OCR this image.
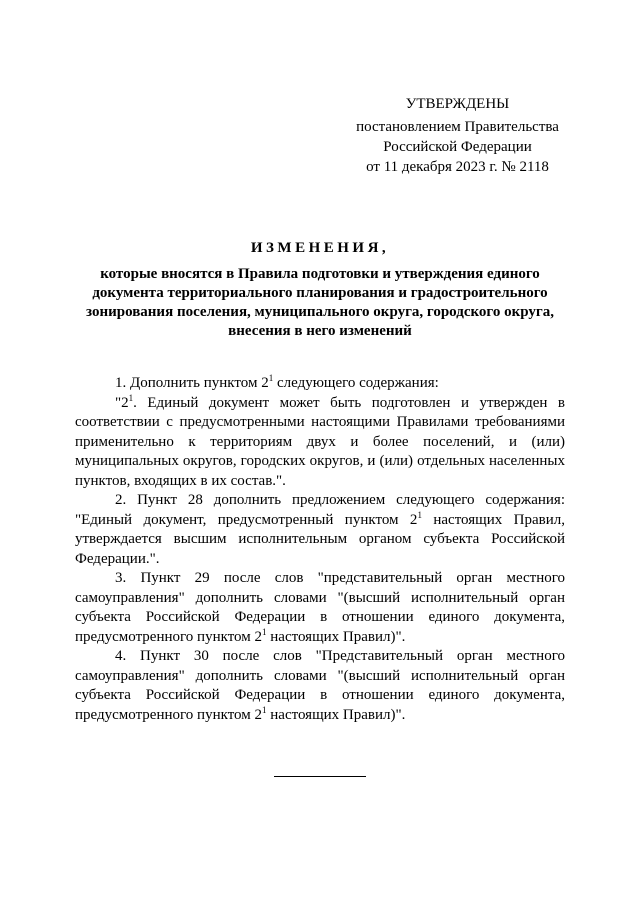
УТВЕРЖДЕНЫ
постановлением Правительства
Российской Федерации
от 11 декабря 2023 г. № 2118
ИЗМЕНЕНИЯ,
которые вносятся в Правила подготовки и утверждения единого документа территориального планирования и градостроительного зонирования поселения, муниципального округа, городского округа, внесения в него изменений

1. Дополнить пунктом $2^1$ следующего содержания:

"$2^1$. Единый документ может быть подготовлен и утвержден в соответствии с предусмотренными настоящими Правилами требованиями применительно к территориям двух и более поселений, и (или) муниципальных округов, городских округов, и (или) отдельных населенных пунктов, входящих в их состав.".

2. Пункт 28 дополнить предложением следующего содержания: "Единый документ, предусмотренный пунктом $2^1$ настоящих Правил, утверждается высшим исполнительным органом субъекта Российской Федерации.".

3. Пункт 29 после слов "представительный орган местного самоуправления" дополнить словами "(высший исполнительный орган субъекта Российской Федерации в отношении единого документа, предусмотренного пунктом $2^1$ настоящих Правил)".

4. Пункт 30 после слов "Представительный орган местного самоуправления" дополнить словами "(высший исполнительный орган субъекта Российской Федерации в отношении единого документа, предусмотренного пунктом $2^1$ настоящих Правил)".
